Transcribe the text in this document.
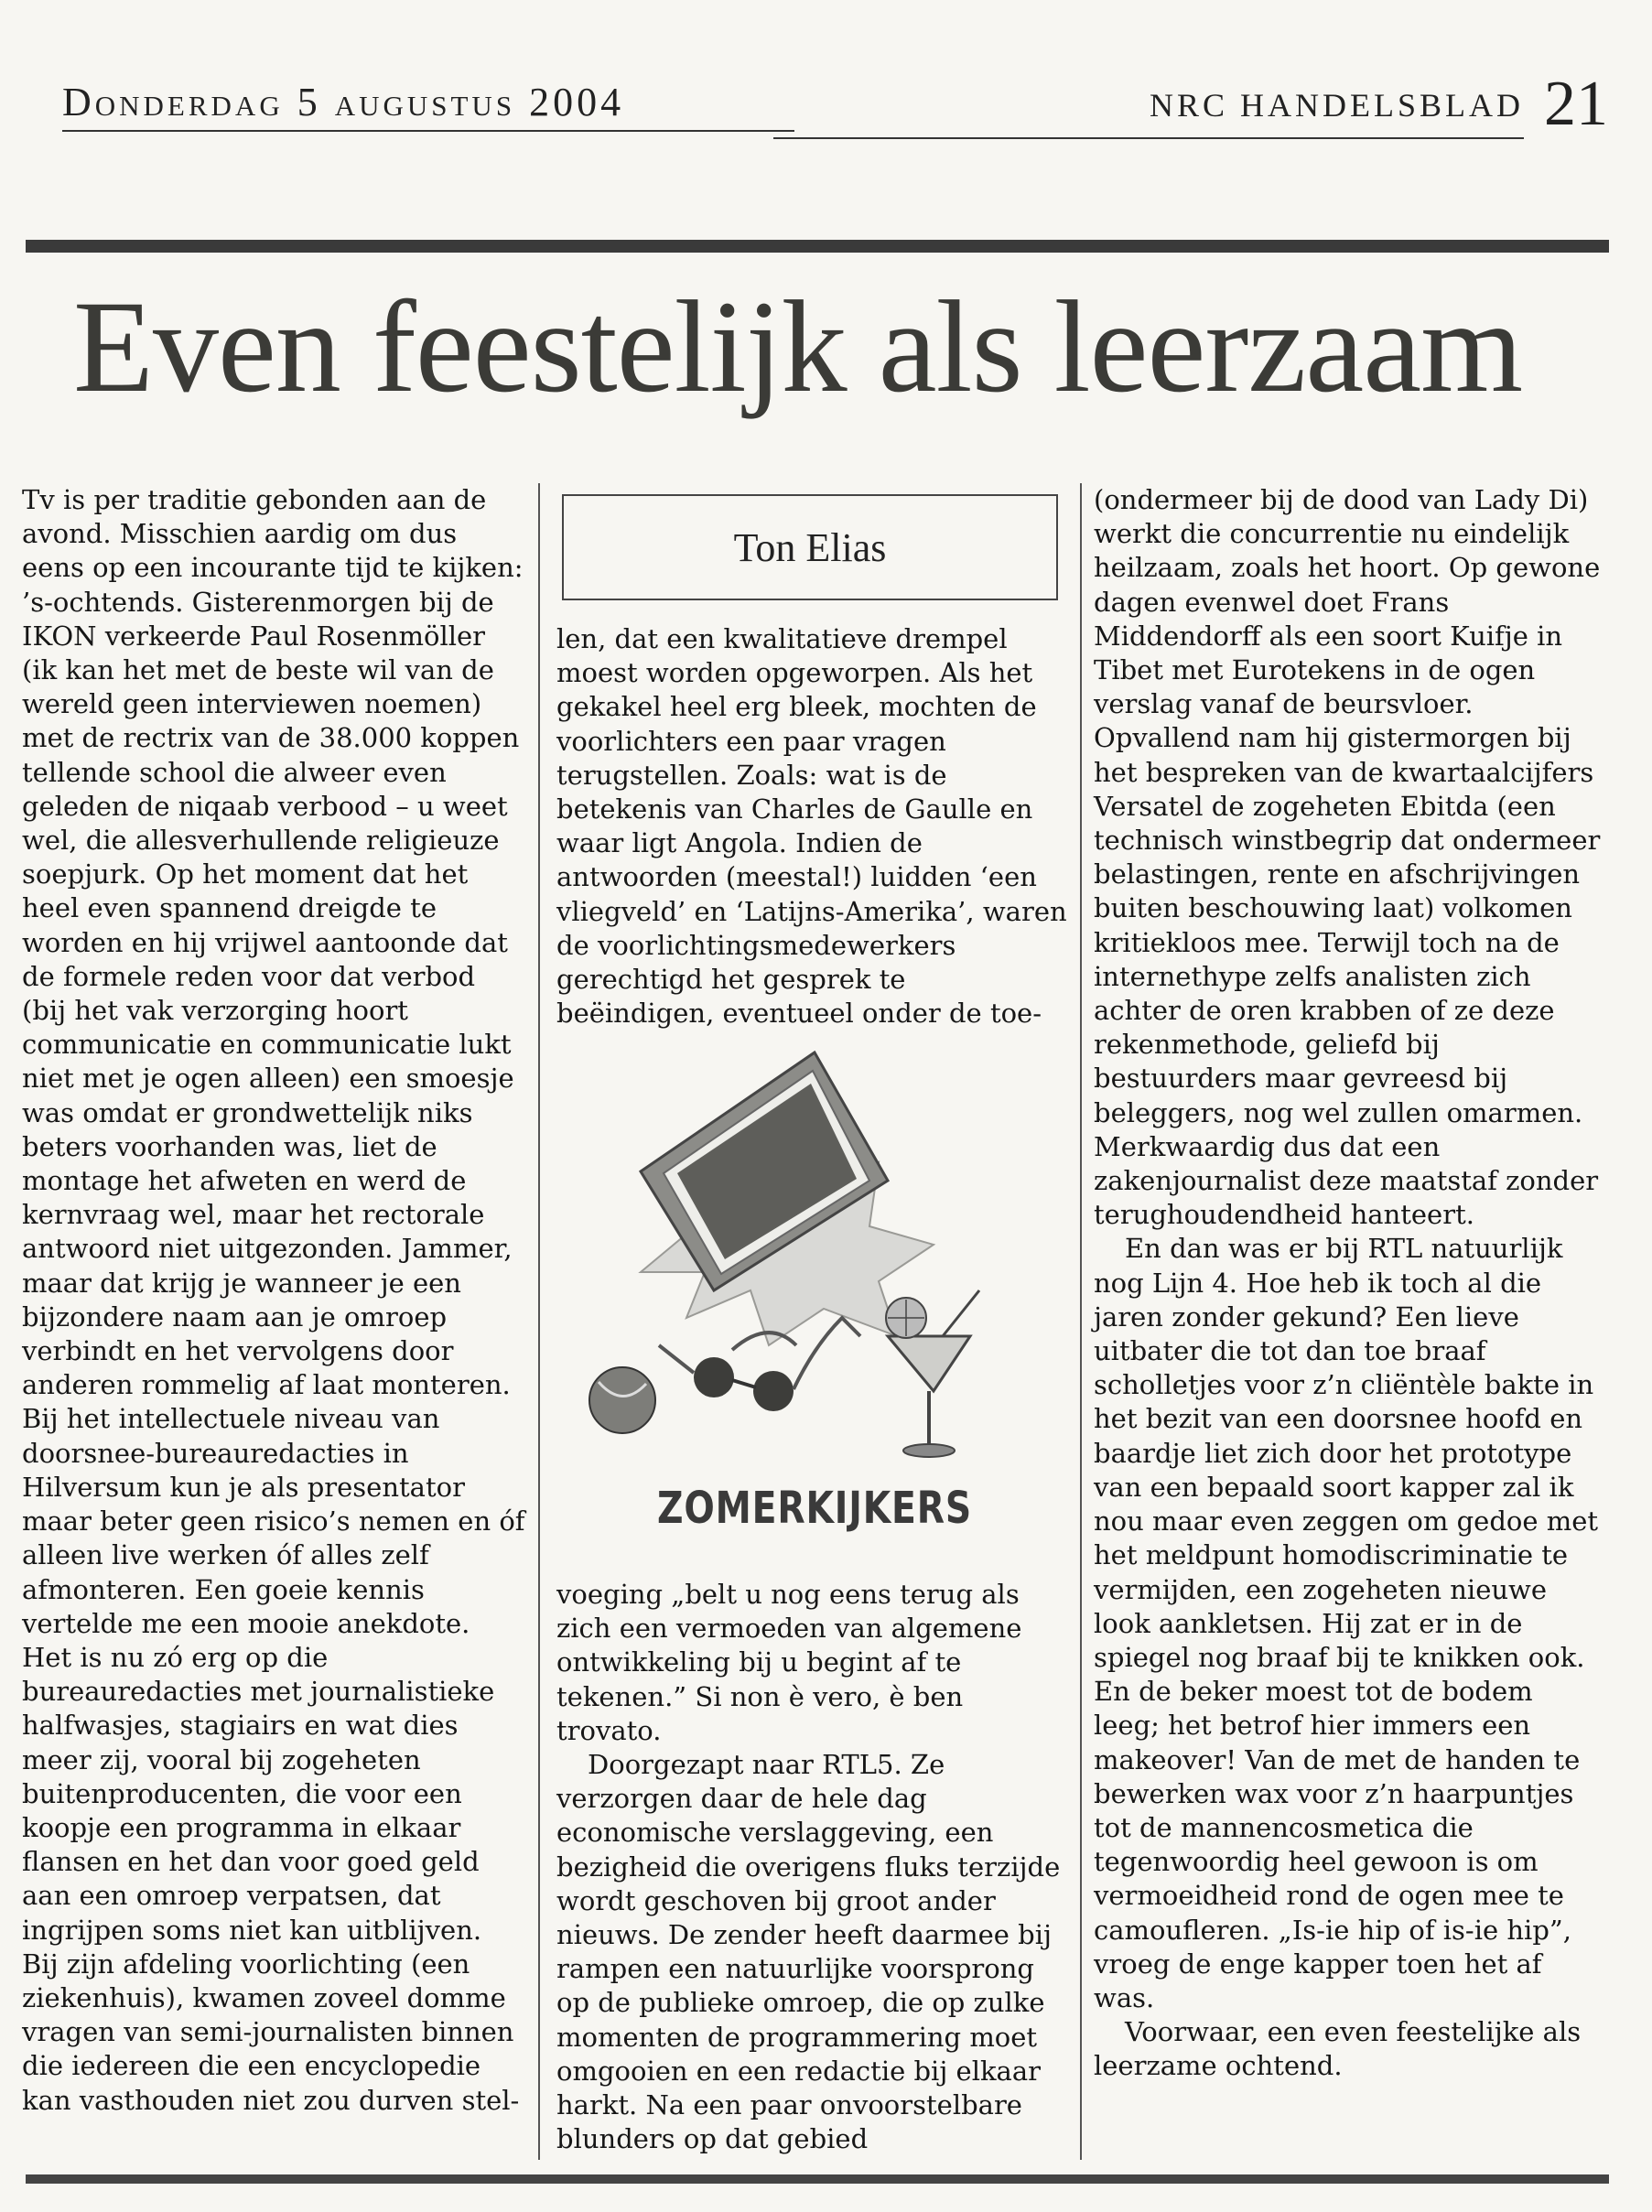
Donderdag 5 augustus 2004	NRC HANDELSBLAD 21
Even feestelijk als leerzaam

Tv is per traditie gebonden aan de avond. Misschien aardig om dus eens op een incourante tijd te kijken: ’s-ochtends. Gisterenmorgen bij de IKON verkeerde Paul Rosenmöller (ik kan het met de beste wil van de wereld geen interviewen noemen) met de rectrix van de 38.000 koppen tellende school die alweer even geleden de niqaab verbood – u weet wel, die allesverhullende religieuze soepjurk. Op het moment dat het heel even spannend dreigde te worden en hij vrijwel aantoonde dat de formele reden voor dat verbod (bij het vak verzorging hoort communicatie en communicatie lukt niet met je ogen alleen) een smoesje was omdat er grondwettelijk niks beters voorhanden was, liet de montage het afweten en werd de kernvraag wel, maar het rectorale antwoord niet uitgezonden. Jammer, maar dat krijg je wanneer je een bijzondere naam aan je omroep verbindt en het vervolgens door anderen rommelig af laat monteren. Bij het intellectuele niveau van doorsnee-bureauredacties in Hilversum kun je als presentator maar beter geen risico’s nemen en óf alleen live werken óf alles zelf afmonteren. Een goeie kennis vertelde me een mooie anekdote. Het is nu zó erg op die bureauredacties met journalistieke halfwasjes, stagiairs en wat dies meer zij, vooral bij zogeheten buitenproducenten, die voor een koopje een programma in elkaar flansen en het dan voor goed geld aan een omroep verpatsen, dat ingrijpen soms niet kan uitblijven. Bij zijn afdeling voorlichting (een ziekenhuis), kwamen zoveel domme vragen van semi-journalisten binnen die iedereen die een encyclopedie kan vasthouden niet zou durven stel-

Ton Elias

len, dat een kwalitatieve drempel moest worden opgeworpen. Als het gekakel heel erg bleek, mochten de voorlichters een paar vragen terugstellen. Zoals: wat is de betekenis van Charles de Gaulle en waar ligt Angola. Indien de antwoorden (meestal!) luidden ‘een vliegveld’ en ‘Latijns-Amerika’, waren de voorlichtingsmedewerkers gerechtigd het gesprek te beëindigen, eventueel onder de toe-

ZOMERKIJKERS

voeging „belt u nog eens terug als zich een vermoeden van algemene ontwikkeling bij u begint af te tekenen.” Si non è vero, è ben trovato.

Doorgezapt naar RTL5. Ze verzorgen daar de hele dag economische verslaggeving, een bezigheid die overigens fluks terzijde wordt geschoven bij groot ander nieuws. De zender heeft daarmee bij rampen een natuurlijke voorsprong op de publieke omroep, die op zulke momenten de programmering moet omgooien en een redactie bij elkaar harkt. Na een paar onvoorstelbare blunders op dat gebied

(ondermeer bij de dood van Lady Di) werkt die concurrentie nu eindelijk heilzaam, zoals het hoort. Op gewone dagen evenwel doet Frans Middendorff als een soort Kuifje in Tibet met Eurotekens in de ogen verslag vanaf de beursvloer. Opvallend nam hij gistermorgen bij het bespreken van de kwartaalcijfers Versatel de zogeheten Ebitda (een technisch winstbegrip dat ondermeer belastingen, rente en afschrijvingen buiten beschouwing laat) volkomen kritiekloos mee. Terwijl toch na de internethype zelfs analisten zich achter de oren krabben of ze deze rekenmethode, geliefd bij bestuurders maar gevreesd bij beleggers, nog wel zullen omarmen. Merkwaardig dus dat een zakenjournalist deze maatstaf zonder terughoudendheid hanteert.

En dan was er bij RTL natuurlijk nog Lijn 4. Hoe heb ik toch al die jaren zonder gekund? Een lieve uitbater die tot dan toe braaf scholletjes voor z’n cliëntèle bakte in het bezit van een doorsnee hoofd en baardje liet zich door het prototype van een bepaald soort kapper zal ik nou maar even zeggen om gedoe met het meldpunt homodiscriminatie te vermijden, een zogeheten nieuwe look aankletsen. Hij zat er in de spiegel nog braaf bij te knikken ook. En de beker moest tot de bodem leeg; het betrof hier immers een makeover! Van de met de handen te bewerken wax voor z’n haarpuntjes tot de mannencosmetica die tegenwoordig heel gewoon is om vermoeidheid rond de ogen mee te camoufleren. „Is-ie hip of is-ie hip”, vroeg de enge kapper toen het af was.

Voorwaar, een even feestelijke als leerzame ochtend.
